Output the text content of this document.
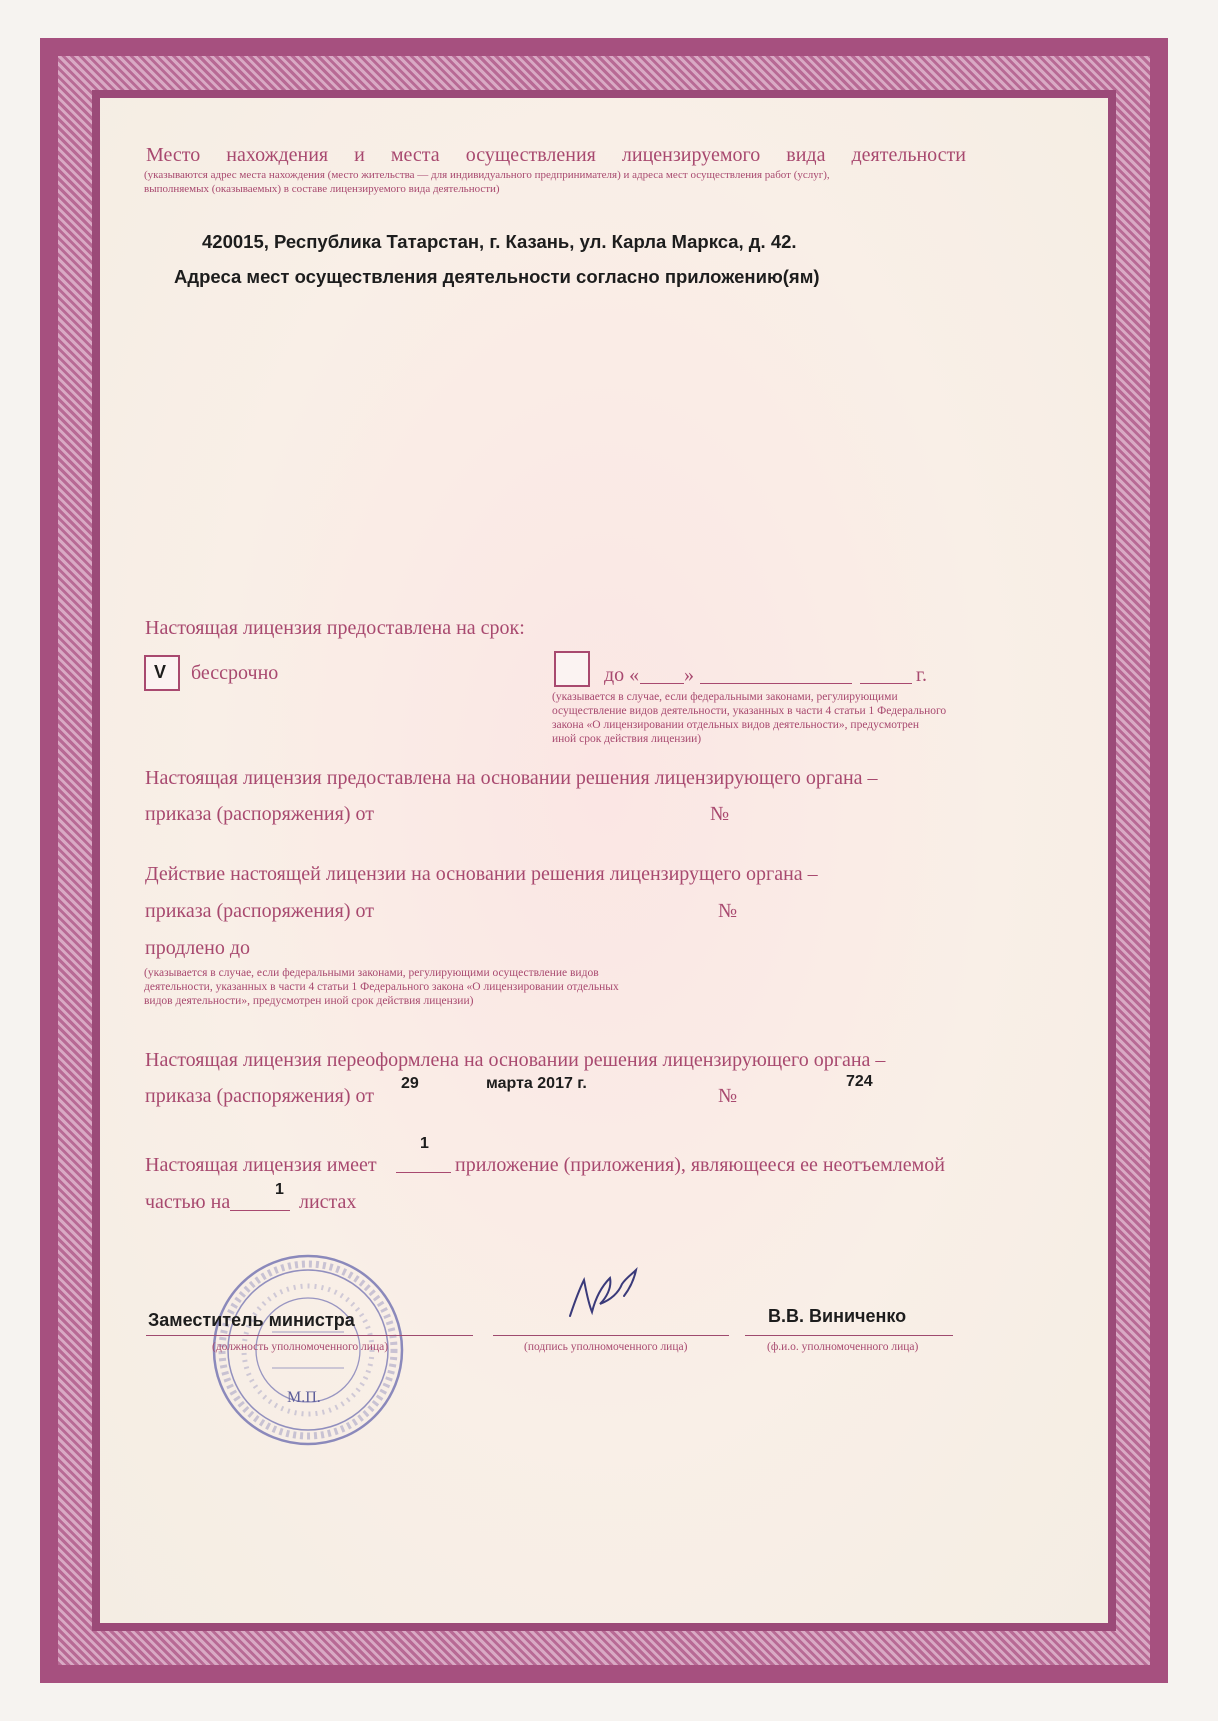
Место нахождения и места осуществления лицензируемого вида деятельности
(указываются адрес места нахождения (место жительства — для индивидуального предпринимателя) и адреса мест осуществления работ (услуг),
выполняемых (оказываемых) в составе лицензируемого вида деятельности)
420015, Республика Татарстан, г. Казань, ул. Карла Маркса, д. 42.
Адреса мест осуществления деятельности согласно приложению(ям)
Настоящая лицензия предоставлена на срок:
V бессрочно	до « »	г.
(указывается в случае, если федеральными законами, регулирующими
осуществление видов деятельности, указанных в части 4 статьи 1 Федерального
закона «О лицензировании отдельных видов деятельности», предусмотрен
иной срок действия лицензии)
Настоящая лицензия предоставлена на основании решения лицензирующего органа –
приказа (распоряжения) от	№
Действие настоящей лицензии на основании решения лицензирущего органа –
приказа (распоряжения) от	№
продлено до
(указывается в случае, если федеральными законами, регулирующими осуществление видов
деятельности, указанных в части 4 статьи 1 Федерального закона «О лицензировании отдельных
видов деятельности», предусмотрен иной срок действия лицензии)
Настоящая лицензия переоформлена на основании решения лицензирующего органа –
приказа (распоряжения) от
29	марта 2017 г.
№
724
Настоящая лицензия имеет
1
приложение (приложения), являющееся ее неотъемлемой
частью на
1
листах
М.П.
Заместитель министра
(должность уполномоченного лица)	(подпись уполномоченного лица)
В.В. Виниченко
(ф.и.о. уполномоченного лица)
